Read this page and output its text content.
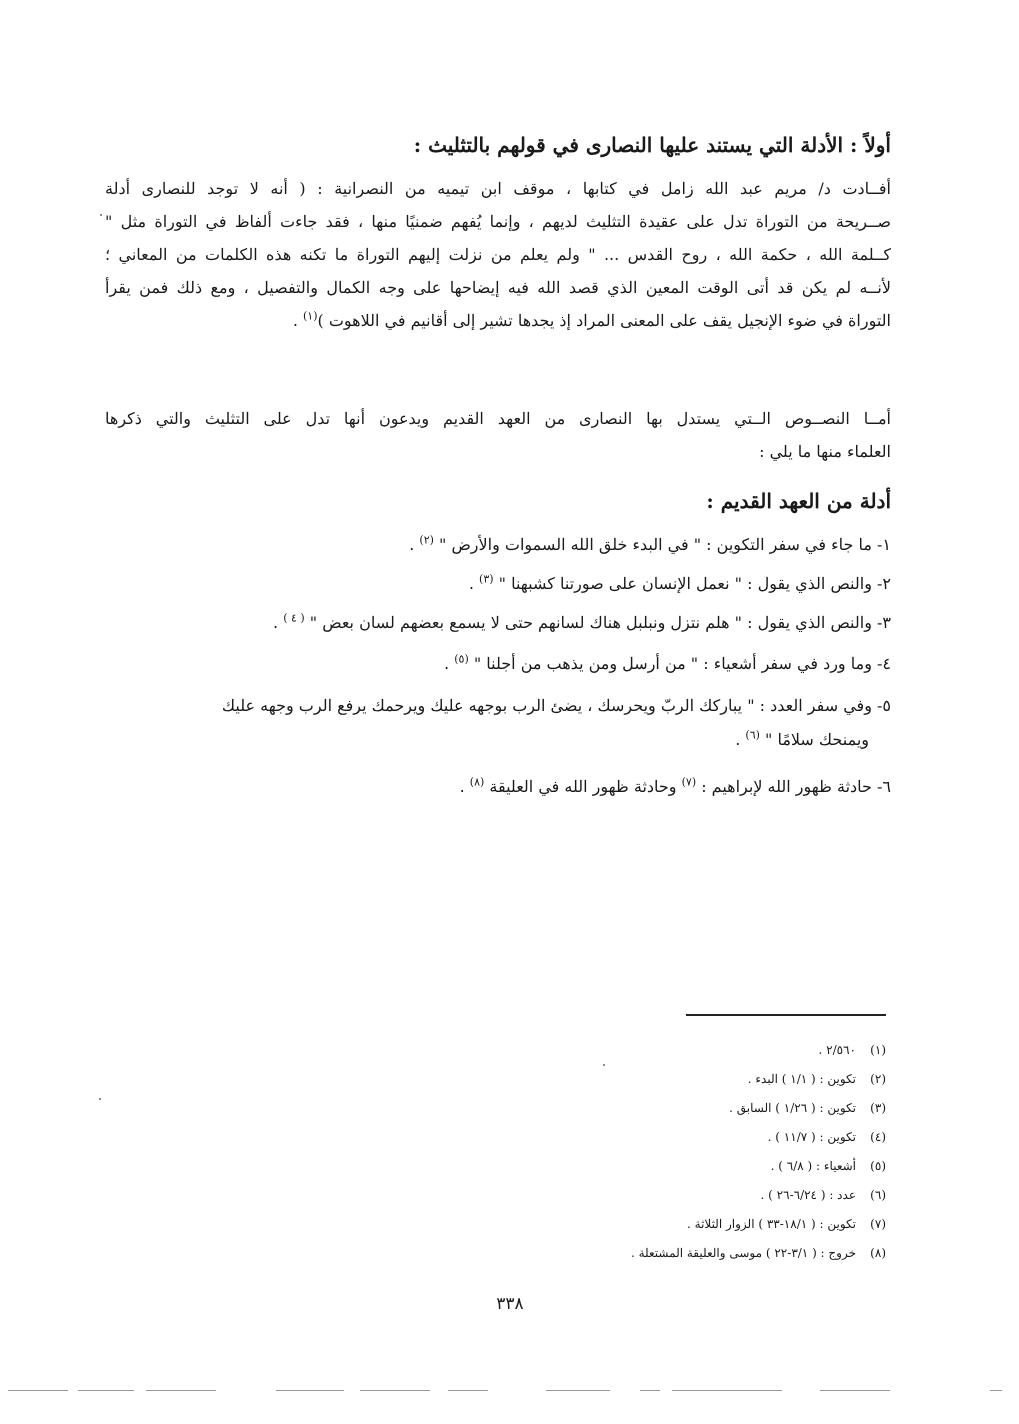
أولاً : الأدلة التي يستند عليها النصارى في قولهم بالتثليث :
أفــادت د/ مريم عبد الله زامل في كتابها ، موقف ابن تيميه من النصرانية : ( أنه لا توجد للنصارى أدلة
صــريحة من التوراة تدل على عقيدة التثليث لديهم ، وإنما يُفهم ضمنيًا منها ، فقد جاءت ألفاظ في التوراة مثل "
كــلمة الله ، حكمة الله ، روح القدس ... " ولم يعلم من نزلت إليهم التوراة ما تكنه هذه الكلمات من المعاني ؛
لأنــه لم يكن قد أتى الوقت المعين الذي قصد الله فيه إيضاحها على وجه الكمال والتفصيل ، ومع ذلك فمن يقرأ
التوراة في ضوء الإنجيل يقف على المعنى المراد إذ يجدها تشير إلى أقانيم في اللاهوت )$^{(١)}$ .
أمــا النصــوص الــتي يستدل بها النصارى من العهد القديم ويدعون أنها تدل على التثليث والتي ذكرها
العلماء منها ما يلي :
أدلة من العهد القديم :
١- ما جاء في سفر التكوين : " في البدء خلق الله السموات والأرض " $^{(٢)}$ .
٢- والنص الذي يقول : " نعمل الإنسان على صورتنا كشبهنا " $^{(٣)}$ .
٣- والنص الذي يقول : " هلم نتزل ونبلبل هناك لسانهم حتى لا يسمع بعضهم لسان بعض " $^{( ٤ )}$ .
٤- وما ورد في سفر أشعياء : " من أرسل ومن يذهب من أجلنا " $^{(٥)}$ .
٥- وفي سفر العدد : " يباركك الربّ ويحرسك ، يضئ الرب بوجهه عليك ويرحمك يرفع الرب وجهه عليك
ويمنحك سلامًا " $^{(٦)}$ .
٦- حادثة ظهور الله لإبراهيم : $^{(٧)}$ وحادثة ظهور الله في العليقة $^{(٨)}$ .
(١)٢/٥٦٠ .
(٢)تكوين : ( ١/١ ) البدء .
(٣)تكوين : ( ١/٢٦ ) السابق .
(٤)تكوين : ( ١١/٧ ) .
(٥)أشعياء : ( ٦/٨ ) .
(٦)عدد : ( ٦/٢٤-٢٦ ) .
(٧)تكوين : ( ١٨/١-٣٣ ) الزوار الثلاثة .
(٨)خروج : ( ٣/١-٢٢ ) موسى والعليقة المشتعلة .
٣٣٨
